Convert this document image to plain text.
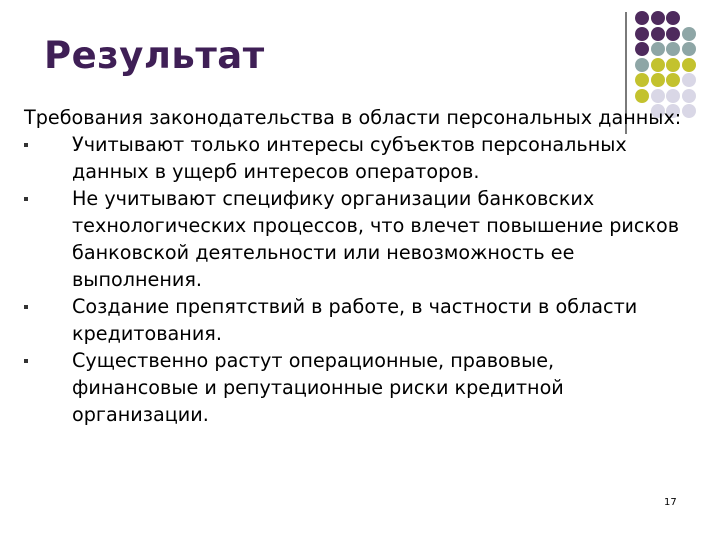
Результат

Требования законодательства в области персональных данных:

Учитывают только интересы субъектов персональных данных в ущерб интересов операторов.
Не учитывают специфику организации банковских технологических процессов, что влечет повышение рисков банковской деятельности или невозможность ее выполнения.
Создание препятствий в работе, в частности в области кредитования.
Существенно растут операционные, правовые, финансовые и репутационные риски кредитной организации.
17
